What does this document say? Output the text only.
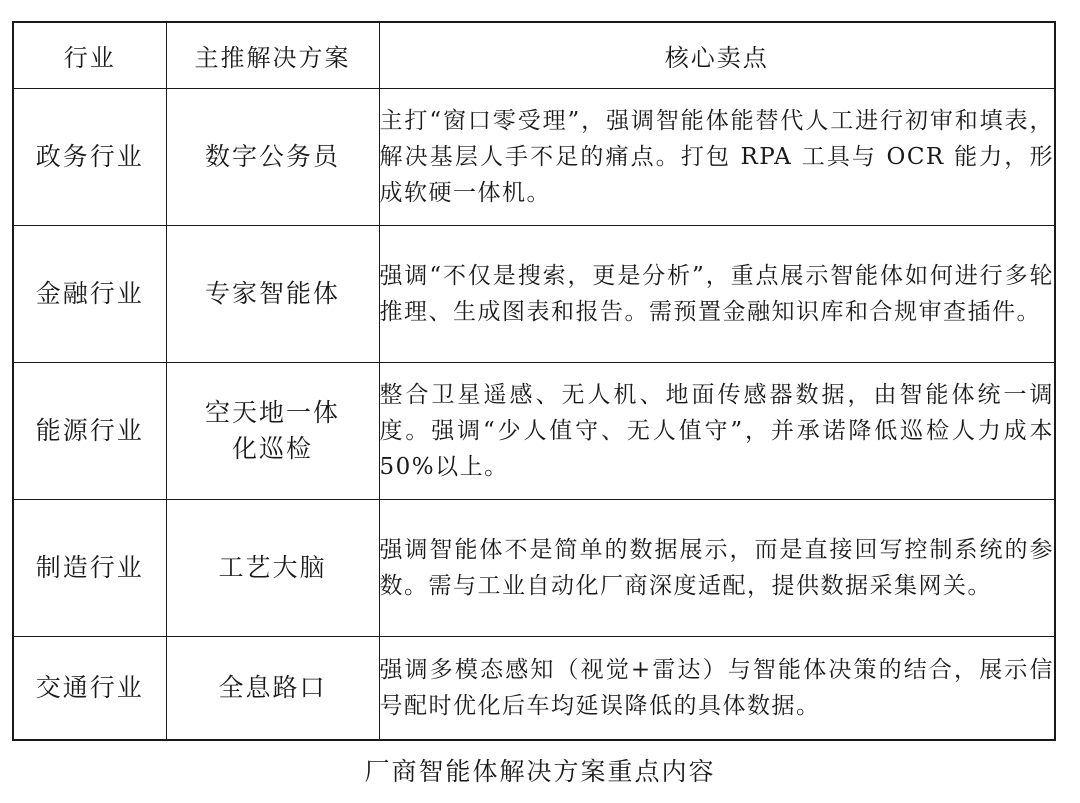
行业	主推解决方案	核心卖点
政务行业	数字公务员	主打“窗口零受理”，强调智能体能替代人工进行初审和填表，解决基层人手不足的痛点。打包 RPA 工具与 OCR 能力，形成软硬一体机。
金融行业	专家智能体	强调“不仅是搜索，更是分析”，重点展示智能体如何进行多轮推理、生成图表和报告。需预置金融知识库和合规审查插件。
能源行业	空天地一体化巡检	整合卫星遥感、无人机、地面传感器数据，由智能体统一调度。强调“少人值守、无人值守”，并承诺降低巡检人力成本 50%以上。
制造行业	工艺大脑	强调智能体不是简单的数据展示，而是直接回写控制系统的参数。需与工业自动化厂商深度适配，提供数据采集网关。
交通行业	全息路口	强调多模态感知（视觉+雷达）与智能体决策的结合，展示信号配时优化后车均延误降低的具体数据。
厂商智能体解决方案重点内容
